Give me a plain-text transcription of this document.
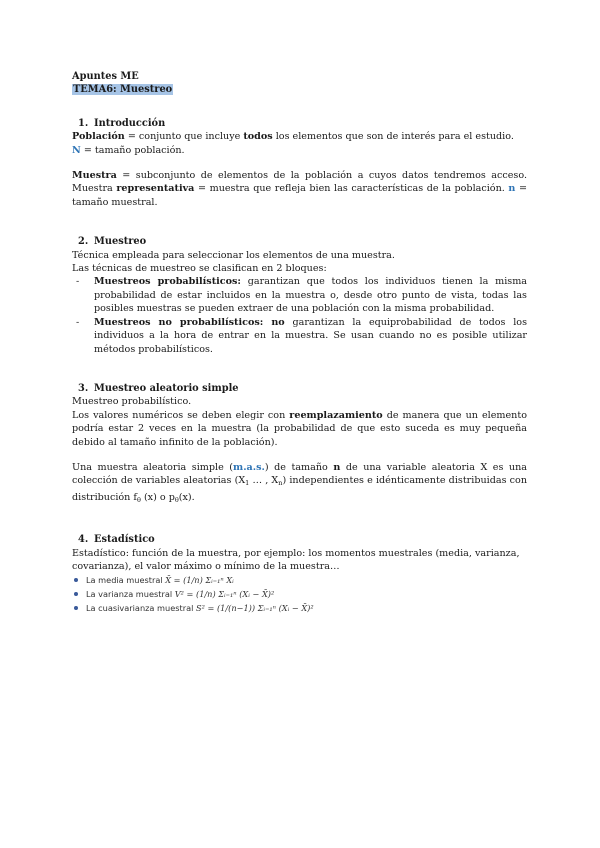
Apuntes ME
TEMA6: Muestreo
1. Introducción

Población = conjunto que incluye todos los elementos que son de interés para el estudio.

N = tamaño población.

Muestra = subconjunto de elementos de la población a cuyos datos tendremos acceso. Muestra representativa = muestra que refleja bien las características de la población. n = tamaño muestral.

2. Muestreo

Técnica empleada para seleccionar los elementos de una muestra.

Las técnicas de muestreo se clasifican en 2 bloques:

- Muestreos probabilísticos: garantizan que todos los individuos tienen la misma probabilidad de estar incluidos en la muestra o, desde otro punto de vista, todas las posibles muestras se pueden extraer de una población con la misma probabilidad.
- Muestreos no probabilísticos: no garantizan la equiprobabilidad de todos los individuos a la hora de entrar en la muestra. Se usan cuando no es posible utilizar métodos probabilísticos.
3. Muestreo aleatorio simple

Muestreo probabilístico.

Los valores numéricos se deben elegir con reemplazamiento de manera que un elemento podría estar 2 veces en la muestra (la probabilidad de que esto suceda es muy pequeña debido al tamaño infinito de la población).

Una muestra aleatoria simple (m.a.s.) de tamaño n de una variable aleatoria X es una colección de variables aleatorias ($X_1$ … , $X_n$) independientes e idénticamente distribuidas con distribución $f_\theta$ (x) o $p_\theta(x)$.

4. Estadístico

Estadístico: función de la muestra, por ejemplo: los momentos muestrales (media, varianza, covarianza), el valor máximo o mínimo de la muestra…

La media muestral X̄ = (1/n) Σᵢ₌₁ⁿ Xᵢ
La varianza muestral V² = (1/n) Σᵢ₌₁ⁿ (Xᵢ − X̄)²
La cuasivarianza muestral S² = (1/(n−1)) Σᵢ₌₁ⁿ (Xᵢ − X̄)²
